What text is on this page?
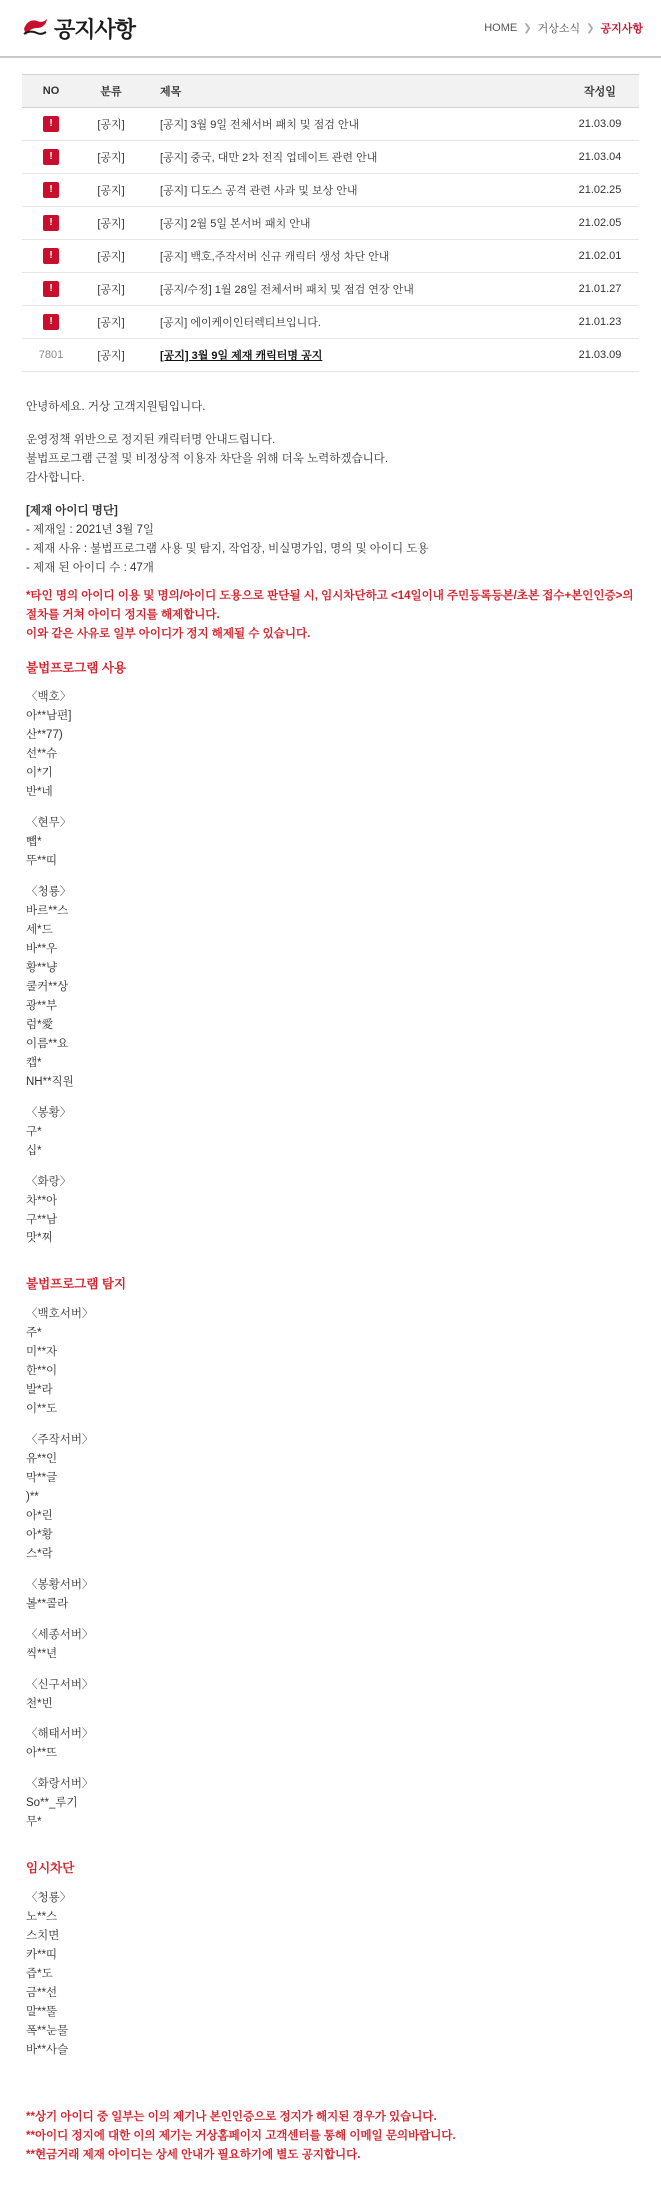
공지사항	HOME ❯ 거상소식 ❯ 공지사항
NO	분류	제목	작성일
!	[공지]	[공지] 3월 9일 전체서버 패치 및 점검 안내	21.03.09
!	[공지]	[공지] 중국, 대만 2차 전직 업데이트 관련 안내	21.03.04
!	[공지]	[공지] 디도스 공격 관련 사과 및 보상 안내	21.02.25
!	[공지]	[공지] 2월 5일 본서버 패치 안내	21.02.05
!	[공지]	[공지] 백호,주작서버 신규 캐릭터 생성 차단 안내	21.02.01
!	[공지]	[공지/수정] 1월 28일 전체서버 패치 및 점검 연장 안내	21.01.27
!	[공지]	[공지] 에이케이인터렉티브입니다.	21.01.23
7801	[공지]	[공지] 3월 9일 제재 캐릭터명 공지	21.03.09

안녕하세요. 거상 고객지원팀입니다.

운영정책 위반으로 정지된 캐릭터명 안내드립니다.

불법프로그램 근절 및 비정상적 이용자 차단을 위해 더욱 노력하겠습니다.

감사합니다.

[제재 아이디 명단]

- 제재일 : 2021년 3월 7일

- 제재 사유 : 불법프로그램 사용 및 탐지, 작업장, 비실명가입, 명의 및 아이디 도용

- 제재 된 아이디 수 : 47개

*타인 명의 아이디 이용 및 명의/아이디 도용으로 판단될 시, 임시차단하고 <14일이내 주민등록등본/초본 접수+본인인증>의 절차를 거쳐 아이디 정지를 해제합니다.

이와 같은 사유로 일부 아이디가 정지 해제될 수 있습니다.

불법프로그램 사용
〈백호〉
아**남편]
산**77)
선**슈
이*기
반*네
〈현무〉
뺍*
뚜**띠
〈청룡〉
바르**스
세*드
바**우
황**냥
쿨커**상
광**부
럼*愛
이름**요
캡*
NH**직원
〈봉황〉
구*
십*
〈화랑〉
차**아
구**남
맛*찌
불법프로그램 탐지
〈백호서버〉
주*
미**자
한**이
발*라
이**도
〈주작서버〉
유**인
막**글
)**
아*린
아*황
스*락
〈봉황서버〉
볼**콜라
〈세종서버〉
씩**년
〈신구서버〉
천*빈
〈해태서버〉
아**뜨
〈화랑서버〉
So**_루기
무*
임시차단
〈청룡〉
노**스
스치면
카**띠
즙*도
금**선
말**뚤
폭**눈물
바**사슬
**상기 아이디 중 일부는 이의 제기나 본인인증으로 정지가 해지된 경우가 있습니다.
**아이디 정지에 대한 이의 제기는 거상홈페이지 고객센터를 통해 이메일 문의바랍니다.
**현금거래 제재 아이디는 상세 안내가 필요하기에 별도 공지합니다.
